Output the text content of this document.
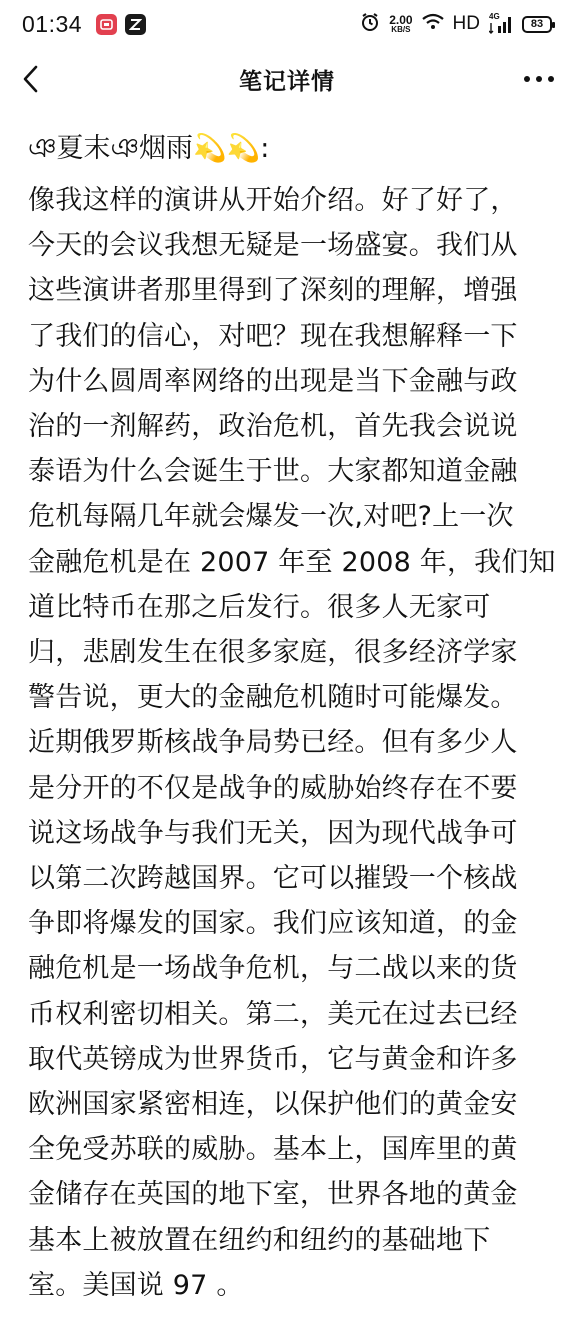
01:34	2.00
KB/S HD 4G
83
笔记详情
ঞ夏末ঞ烟雨💫💫:
像我这样的演讲从开始介绍。好了好了，
今天的会议我想无疑是一场盛宴。我们从
这些演讲者那里得到了深刻的理解，增强
了我们的信心，对吧？现在我想解释一下
为什么圆周率网络的出现是当下金融与政
治的一剂解药，政治危机，首先我会说说
泰语为什么会诞生于世。大家都知道金融
危机每隔几年就会爆发一次,对吧?上一次
金融危机是在 2007 年至 2008 年，我们知
道比特币在那之后发行。很多人无家可
归，悲剧发生在很多家庭，很多经济学家
警告说，更大的金融危机随时可能爆发。
近期俄罗斯核战争局势已经。但有多少人
是分开的不仅是战争的威胁始终存在不要
说这场战争与我们无关，因为现代战争可
以第二次跨越国界。它可以摧毁一个核战
争即将爆发的国家。我们应该知道，的金
融危机是一场战争危机，与二战以来的货
币权利密切相关。第二，美元在过去已经
取代英镑成为世界货币，它与黄金和许多
欧洲国家紧密相连，以保护他们的黄金安
全免受苏联的威胁。基本上，国库里的黄
金储存在英国的地下室，世界各地的黄金
基本上被放置在纽约和纽约的基础地下
室。美国说 97 。
